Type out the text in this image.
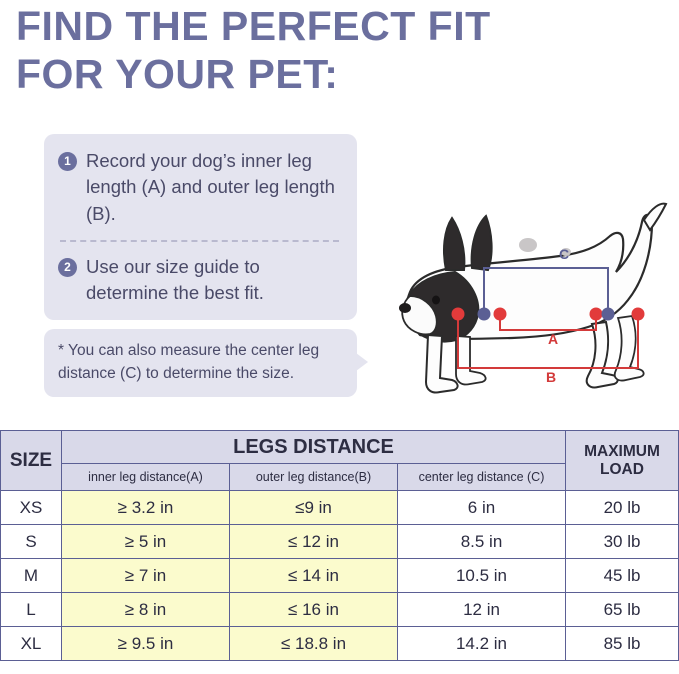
FIND THE PERFECT FIT
FOR YOUR PET:
1 Record your dog’s inner leg length (A) and outer leg length (B).
2 Use our size guide to determine the best fit.
* You can also measure the center leg distance (C) to determine the size.
C
A
B
SIZE	LEGS DISTANCE			MAXIMUM
LOAD
	inner leg distance(A)	outer leg distance(B)	center leg distance (C)	
XS	≥ 3.2 in	≤9 in	6 in	20 lb
S	≥ 5 in	≤ 12 in	8.5 in	30 lb
M	≥ 7 in	≤ 14 in	10.5 in	45 lb
L	≥ 8 in	≤ 16 in	12 in	65 lb
XL	≥ 9.5 in	≤ 18.8 in	14.2 in	85 lb
